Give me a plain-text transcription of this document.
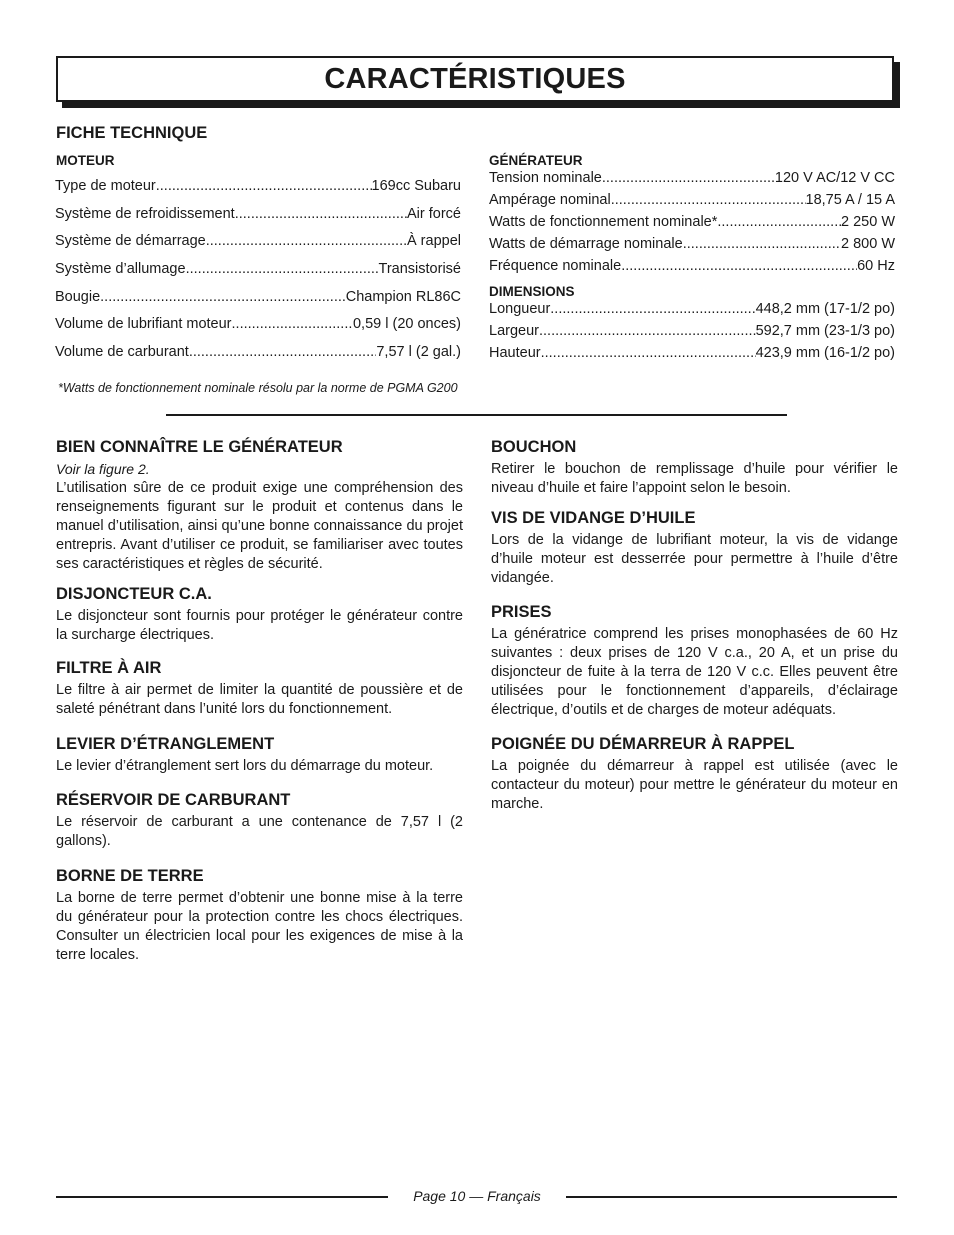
CARACTÉRISTIQUES
FICHE TECHNIQUE
MOTEUR	GÉNÉRATEUR
DIMENSIONS
Type de moteur .....	169cc Subaru
Système de refroidissement .....	Air forcé
Système de démarrage .....	À rappel
Système d’allumage .....	Transistorisé
Bougie .....	Champion RL86C
Volume de lubrifiant moteur .....	0,59 l (20 onces)
Volume de carburant .....	7,57 l (2 gal.)
Tension nominale .....	120 V AC/12 V CC
Ampérage nominal .....	18,75 A / 15 A
Watts de fonctionnement nominale* .....	2 250 W
Watts de démarrage nominale .....	2 800 W
Fréquence nominale .....	60 Hz
Longueur .....	448,2 mm (17-1/2 po)
Largeur .....	592,7 mm (23-1/3 po)
Hauteur .....	423,9 mm (16-1/2 po)
*Watts de fonctionnement nominale résolu par la norme de PGMA G200
BIEN CONNAÎTRE LE GÉNÉRATEUR
Voir la figure 2.

L’utilisation sûre de ce produit exige une compréhension des renseignements figurant sur le produit et contenus dans le manuel d’utilisation, ainsi qu’une bonne connaissance du projet entrepris. Avant d’utiliser ce produit, se familiariser avec toutes ses caractéristiques et règles de sécurité.

DISJONCTEUR C.A.

Le disjoncteur sont fournis pour protéger le générateur contre la surcharge électriques.

FILTRE À AIR

Le filtre à air permet de limiter la quantité de poussière et de saleté pénétrant dans l’unité lors du fonctionnement.

LEVIER D’ÉTRANGLEMENT

Le levier d’étranglement sert lors du démarrage du moteur.

RÉSERVOIR DE CARBURANT

Le réservoir de carburant a une contenance de 7,57 l (2 gallons).

BORNE DE TERRE

La borne de terre permet d’obtenir une bonne mise à la terre du générateur pour la protection contre les chocs électriques. Consulter un électricien local pour les exigences de mise à la terre locales.

BOUCHON

Retirer le bouchon de remplissage d’huile pour vérifier le niveau d’huile et faire l’appoint selon le besoin.

VIS DE VIDANGE D’HUILE

Lors de la vidange de lubrifiant moteur, la vis de vidange d’huile moteur est desserrée pour permettre à l’huile d’être vidangée.

PRISES

La génératrice comprend les prises monophasées de 60 Hz suivantes : deux prises de 120 V c.a., 20 A, et un prise du disjoncteur de fuite à la terra de 120 V c.c. Elles peuvent être utilisées pour le fonctionnement d’appareils, d’éclairage électrique, d’outils et de charges de moteur adéquats.

POIGNÉE DU DÉMARREUR À RAPPEL

La poignée du démarreur à rappel est utilisée (avec le contacteur du moteur) pour mettre le générateur du moteur en marche.

Page 10 — Français
